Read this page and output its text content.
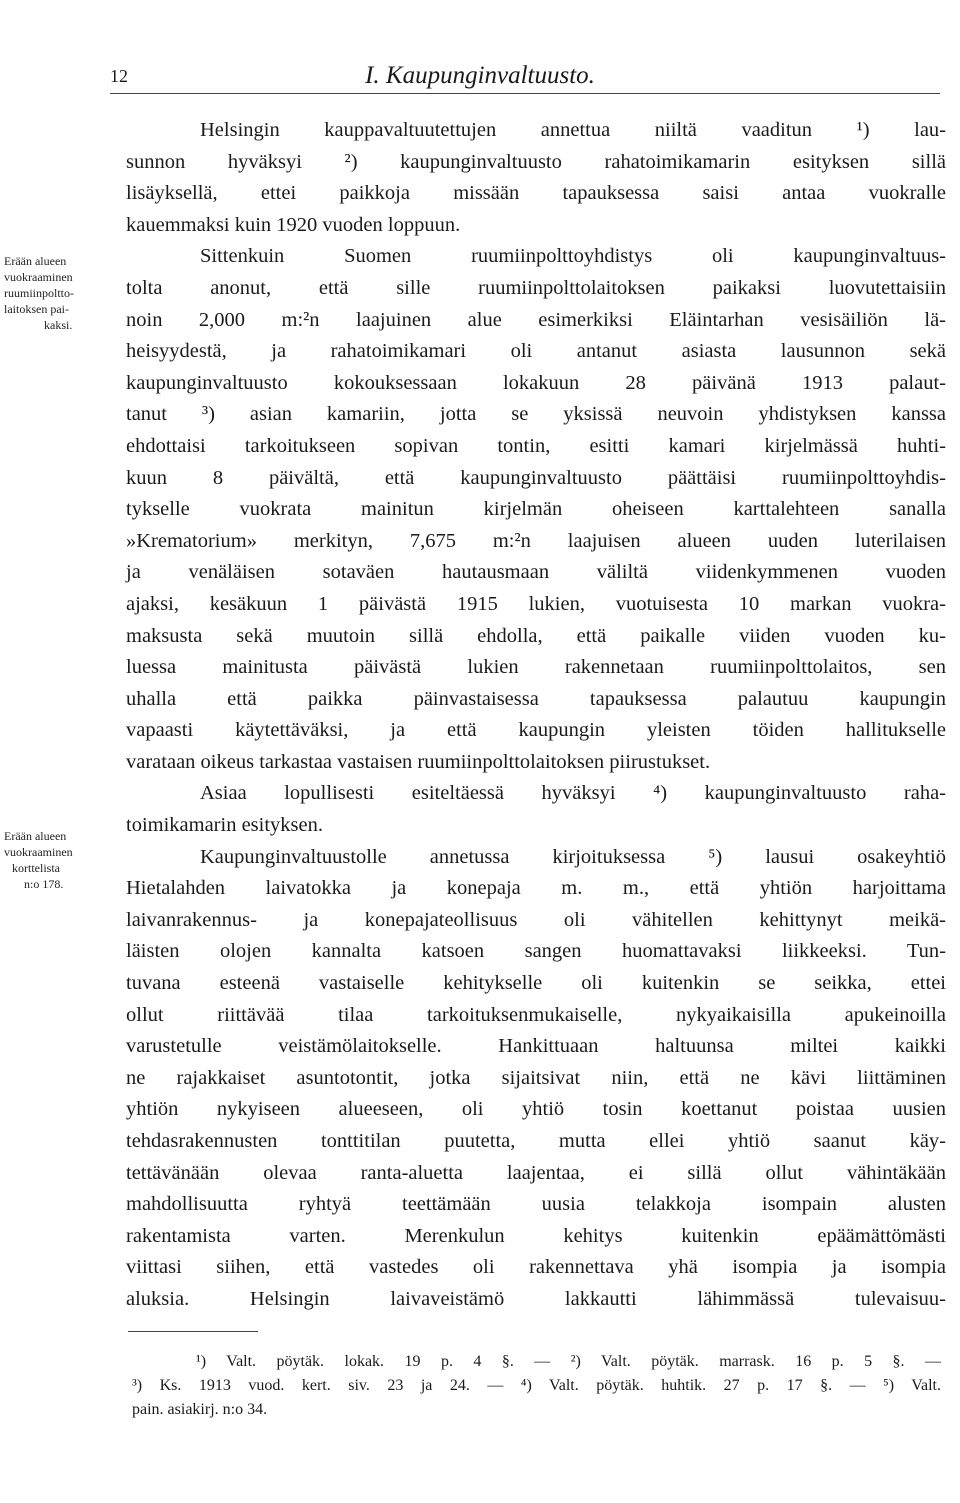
12	I. Kaupunginvaltuusto.
Erään alueen
vuokraaminen
ruumiinpoltto-
laitoksen pai-
kaksi.
Erään alueen
vuokraaminen
korttelista
n:o 178.
Helsingin kauppavaltuutettujen annettua niiltä vaaditun ¹) lau-
sunnon hyväksyi ²) kaupunginvaltuusto rahatoimikamarin esityksen sillä
lisäyksellä, ettei paikkoja missään tapauksessa saisi antaa vuokralle
kauemmaksi kuin 1920 vuoden loppuun.
Sittenkuin Suomen ruumiinpolttoyhdistys oli kaupunginvaltuus-
tolta anonut, että sille ruumiinpolttolaitoksen paikaksi luovutettaisiin
noin 2,000 m:²n laajuinen alue esimerkiksi Eläintarhan vesisäiliön lä-
heisyydestä, ja rahatoimikamari oli antanut asiasta lausunnon sekä
kaupunginvaltuusto kokouksessaan lokakuun 28 päivänä 1913 palaut-
tanut ³) asian kamariin, jotta se yksissä neuvoin yhdistyksen kanssa
ehdottaisi tarkoitukseen sopivan tontin, esitti kamari kirjelmässä huhti-
kuun 8 päivältä, että kaupunginvaltuusto päättäisi ruumiinpolttoyhdis-
tykselle vuokrata mainitun kirjelmän oheiseen karttalehteen sanalla
»Krematorium» merkityn, 7,675 m:²n laajuisen alueen uuden luterilaisen
ja venäläisen sotaväen hautausmaan väliltä viidenkymmenen vuoden
ajaksi, kesäkuun 1 päivästä 1915 lukien, vuotuisesta 10 markan vuokra-
maksusta sekä muutoin sillä ehdolla, että paikalle viiden vuoden ku-
luessa mainitusta päivästä lukien rakennetaan ruumiinpolttolaitos, sen
uhalla että paikka päinvastaisessa tapauksessa palautuu kaupungin
vapaasti käytettäväksi, ja että kaupungin yleisten töiden hallitukselle
varataan oikeus tarkastaa vastaisen ruumiinpolttolaitoksen piirustukset.
Asiaa lopullisesti esiteltäessä hyväksyi ⁴) kaupunginvaltuusto raha-
toimikamarin esityksen.
Kaupunginvaltuustolle annetussa kirjoituksessa ⁵) lausui osakeyhtiö
Hietalahden laivatokka ja konepaja m. m., että yhtiön harjoittama
laivanrakennus- ja konepajateollisuus oli vähitellen kehittynyt meikä-
läisten olojen kannalta katsoen sangen huomattavaksi liikkeeksi. Tun-
tuvana esteenä vastaiselle kehitykselle oli kuitenkin se seikka, ettei
ollut riittävää tilaa tarkoituksenmukaiselle, nykyaikaisilla apukeinoilla
varustetulle veistämölaitokselle. Hankittuaan haltuunsa miltei kaikki
ne rajakkaiset asuntotontit, jotka sijaitsivat niin, että ne kävi liittäminen
yhtiön nykyiseen alueeseen, oli yhtiö tosin koettanut poistaa uusien
tehdasrakennusten tonttitilan puutetta, mutta ellei yhtiö saanut käy-
tettävänään olevaa ranta-aluetta laajentaa, ei sillä ollut vähintäkään
mahdollisuutta ryhtyä teettämään uusia telakkoja isompain alusten
rakentamista varten. Merenkulun kehitys kuitenkin epäämättömästi
viittasi siihen, että vastedes oli rakennettava yhä isompia ja isompia
aluksia. Helsingin laivaveistämö lakkautti lähimmässä tulevaisuu-
¹) Valt. pöytäk. lokak. 19 p. 4 §. — ²) Valt. pöytäk. marrask. 16 p. 5 §. —
³) Ks. 1913 vuod. kert. siv. 23 ja 24. — ⁴) Valt. pöytäk. huhtik. 27 p. 17 §. — ⁵) Valt.
pain. asiakirj. n:o 34.
